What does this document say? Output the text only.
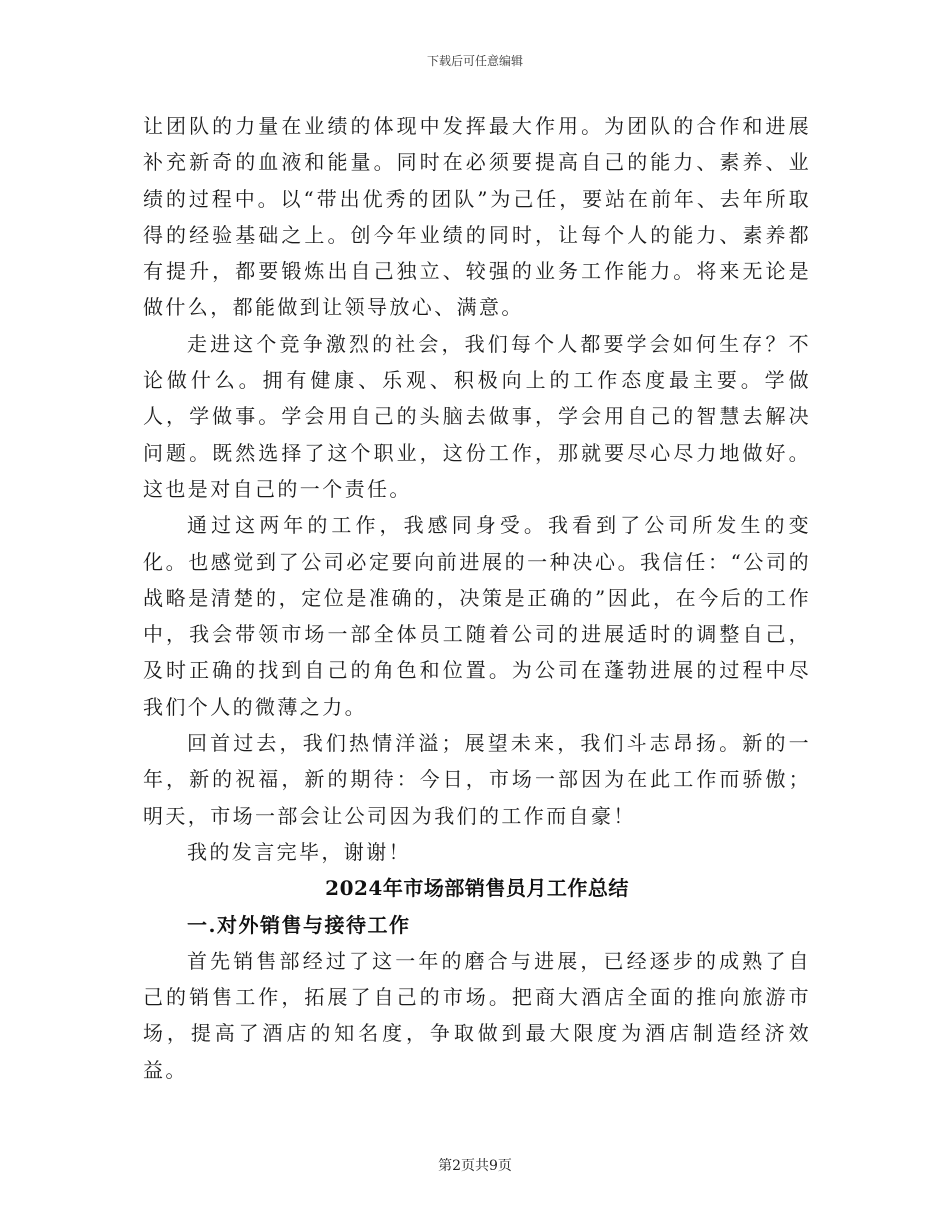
下载后可任意编辑

让团队的力量在业绩的体现中发挥最大作用。为团队的合作和进展补充新奇的血液和能量。同时在必须要提高自己的能力、素养、业绩的过程中。以“带出优秀的团队”为己任，要站在前年、去年所取得的经验基础之上。创今年业绩的同时，让每个人的能力、素养都有提升，都要锻炼出自己独立、较强的业务工作能力。将来无论是做什么，都能做到让领导放心、满意。

走进这个竞争激烈的社会，我们每个人都要学会如何生存？不论做什么。拥有健康、乐观、积极向上的工作态度最主要。学做人，学做事。学会用自己的头脑去做事，学会用自己的智慧去解决问题。既然选择了这个职业，这份工作，那就要尽心尽力地做好。这也是对自己的一个责任。

通过这两年的工作，我感同身受。我看到了公司所发生的变化。也感觉到了公司必定要向前进展的一种决心。我信任：“公司的战略是清楚的，定位是准确的，决策是正确的”因此，在今后的工作中，我会带领市场一部全体员工随着公司的进展适时的调整自己，及时正确的找到自己的角色和位置。为公司在蓬勃进展的过程中尽我们个人的微薄之力。

回首过去，我们热情洋溢；展望未来，我们斗志昂扬。新的一年，新的祝福，新的期待：今日，市场一部因为在此工作而骄傲；明天，市场一部会让公司因为我们的工作而自豪！

我的发言完毕，谢谢！

2024年市场部销售员月工作总结
一.对外销售与接待工作

首先销售部经过了这一年的磨合与进展，已经逐步的成熟了自己的销售工作，拓展了自己的市场。把商大酒店全面的推向旅游市场，提高了酒店的知名度，争取做到最大限度为酒店制造经济效益。

第2页共9页
